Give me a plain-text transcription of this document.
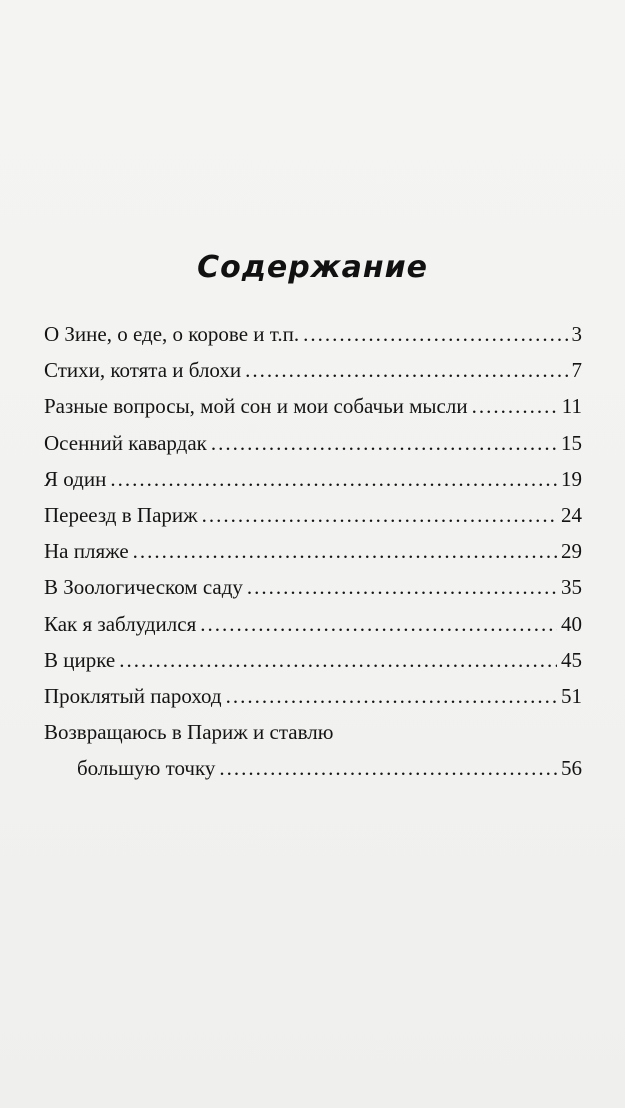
Содержание
О Зине, о еде, о корове и т.п. .....	3
Стихи, котята и блохи .....	7
Разные вопросы, мой сон и мои собачьи мысли .....	11
Осенний кавардак .....	15
Я один .....	19
Переезд в Париж .....	24
На пляже .....	29
В Зоологическом саду .....	35
Как я заблудился .....	40
В цирке .....	45
Проклятый пароход .....	51
Возвращаюсь в Париж и ставлю
большую точку .....	56
